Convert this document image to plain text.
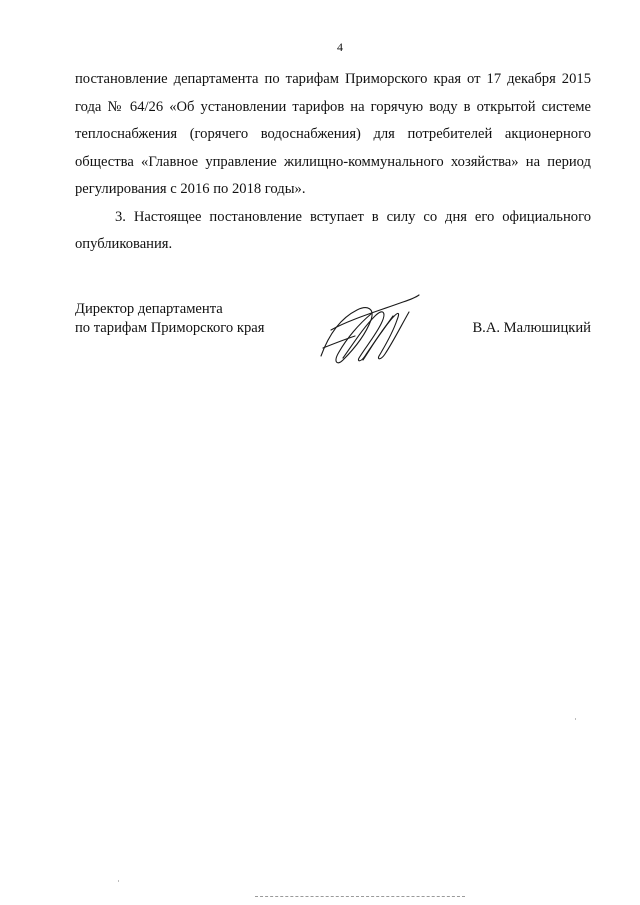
4

постановление департамента по тарифам Приморского края от 17 декабря 2015 года № 64/26 «Об установлении тарифов на горячую воду в открытой системе теплоснабжения (горячего водоснабжения) для потребителей акционерного общества «Главное управление жилищно-коммунального хозяйства» на период регулирования с 2016 по 2018 годы».

3. Настоящее постановление вступает в силу со дня его официального опубликования.

Директор департамента
по тарифам Приморского края	В.А. Малюшицкий
